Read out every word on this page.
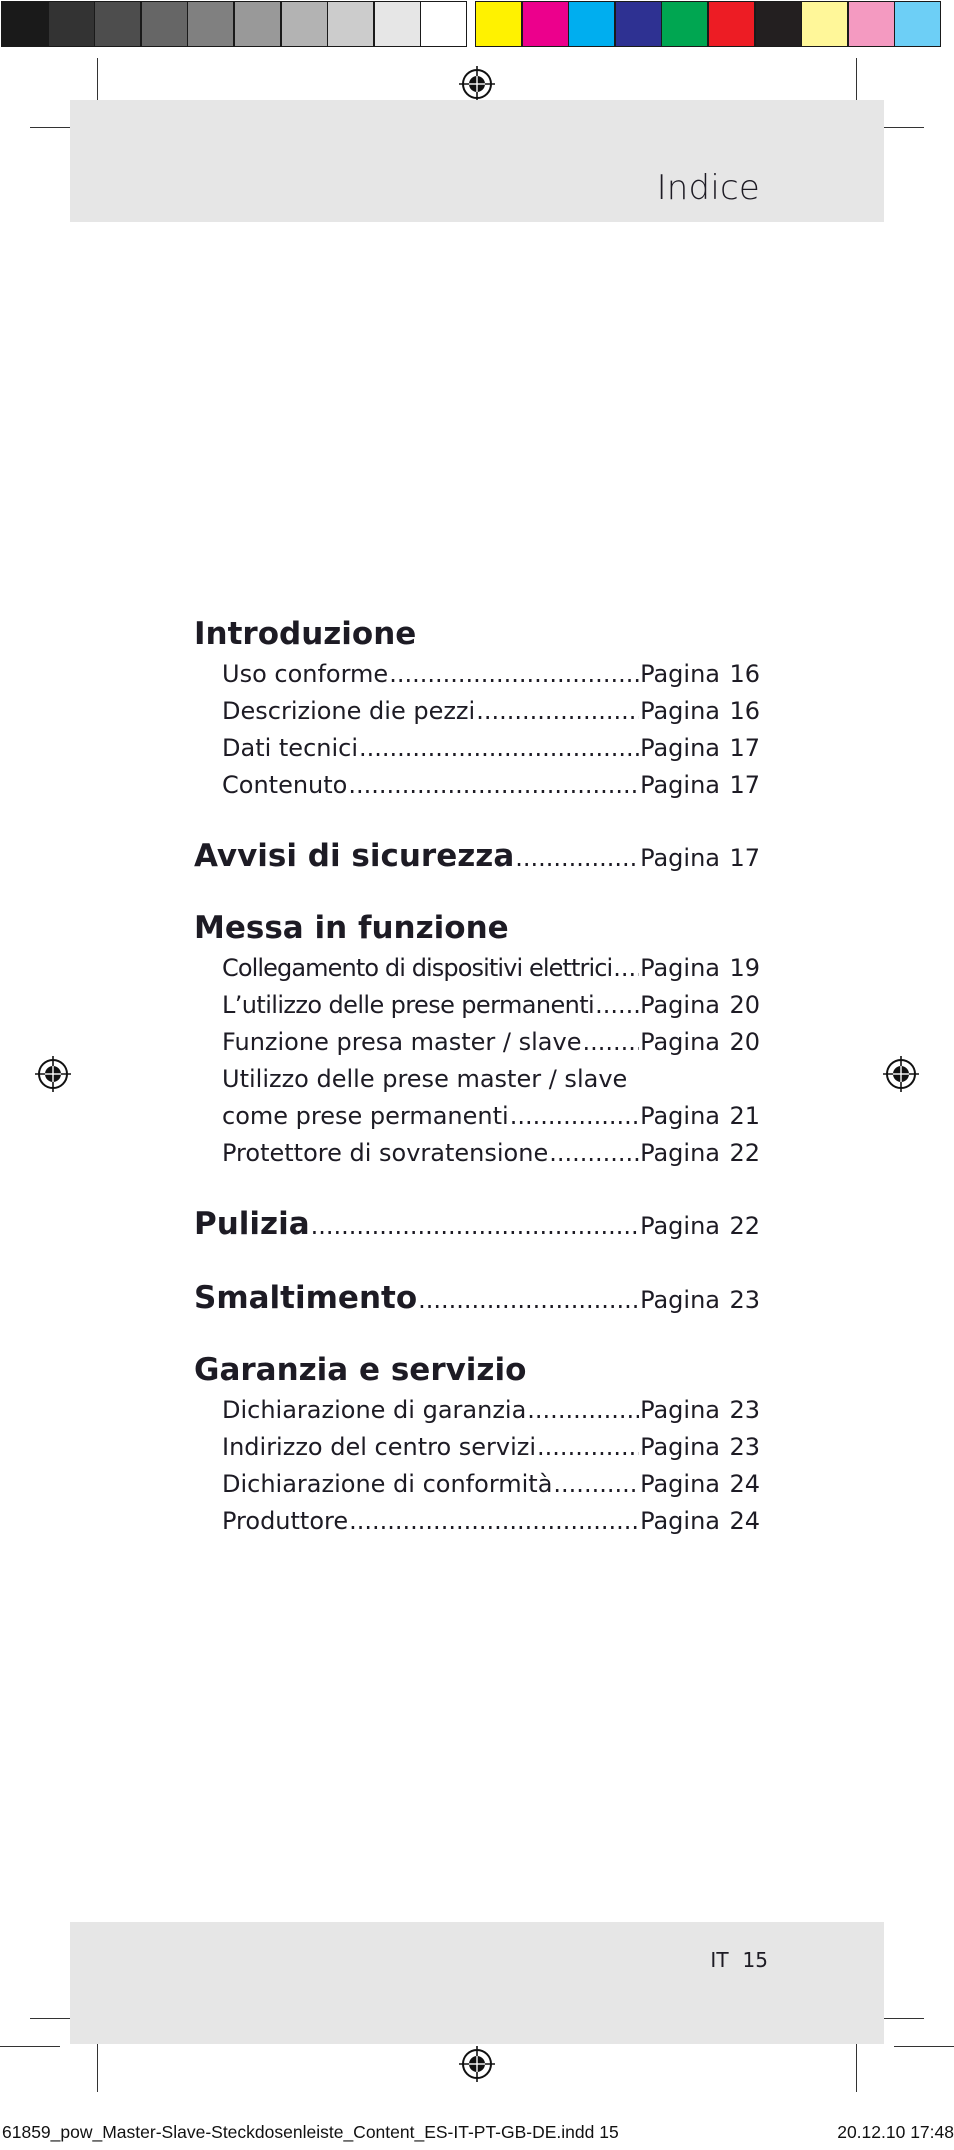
Indice
Introduzione
Uso conforme .....	Pagina 16
Descrizione die pezzi .....	Pagina 16
Dati tecnici .....	Pagina 17
Contenuto .....	Pagina 17
Avvisi di sicurezza .....	Pagina 17
Messa in funzione
Collegamento di dispositivi elettrici ..... Pagina 19
L’utilizzo delle prese permanenti ..... Pagina 20
Funzione presa master / slave ..... Pagina 20
Utilizzo delle prese master / slave
come prese permanenti .....	Pagina 21
Protettore di sovratensione .....	Pagina 22
Pulizia .....	Pagina 22
Smaltimento .....	Pagina 23
Garanzia e servizio
Dichiarazione di garanzia .....	Pagina 23
Indirizzo del centro servizi .....	Pagina 23
Dichiarazione di conformità .....	Pagina 24
Produttore .....	Pagina 24
IT 15
61859_pow_Master-Slave-Steckdosenleiste_Content_ES-IT-PT-GB-DE.indd 15	20.12.10 17:48
